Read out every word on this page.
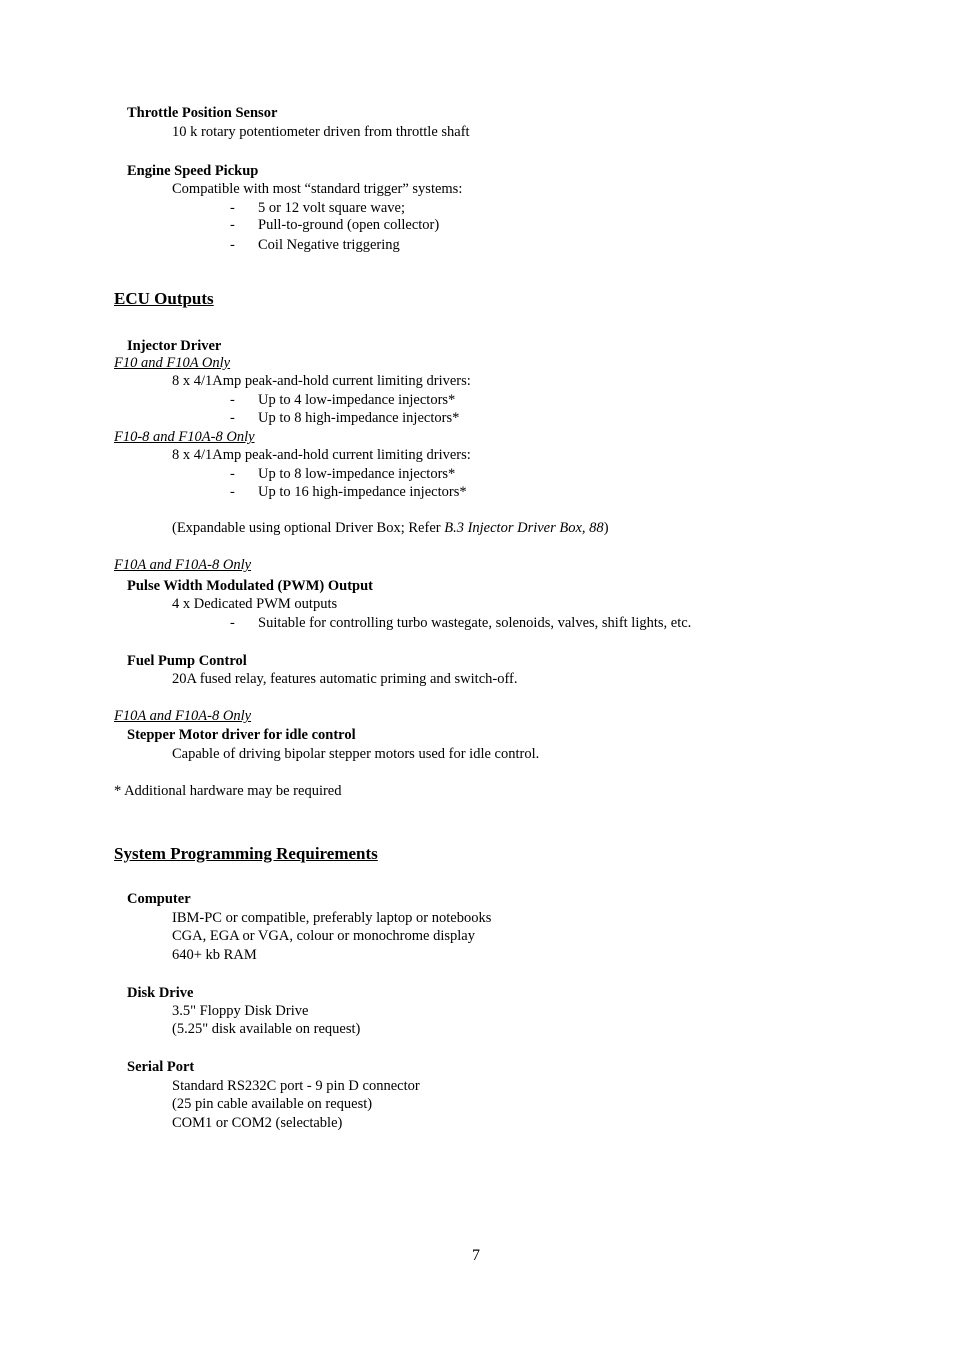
Throttle Position Sensor
10 k rotary potentiometer driven from throttle shaft
Engine Speed Pickup
Compatible with most “standard trigger” systems:
- 5 or 12 volt square wave;
- Pull-to-ground (open collector)
- Coil Negative triggering
ECU Outputs
Injector Driver
F10 and F10A Only
8 x 4/1Amp peak-and-hold current limiting drivers:
- Up to 4 low-impedance injectors*
- Up to 8 high-impedance injectors*
F10-8 and F10A-8 Only
8 x 4/1Amp peak-and-hold current limiting drivers:
- Up to 8 low-impedance injectors*
- Up to 16 high-impedance injectors*
(Expandable using optional Driver Box; Refer B.3 Injector Driver Box, 88)
F10A and F10A-8 Only
Pulse Width Modulated (PWM) Output
4 x Dedicated PWM outputs
- Suitable for controlling turbo wastegate, solenoids, valves, shift lights, etc.
Fuel Pump Control
20A fused relay, features automatic priming and switch-off.
F10A and F10A-8 Only
Stepper Motor driver for idle control
Capable of driving bipolar stepper motors used for idle control.
* Additional hardware may be required
System Programming Requirements
Computer
IBM-PC or compatible, preferably laptop or notebooks
CGA, EGA or VGA, colour or monochrome display
640+ kb RAM
Disk Drive
3.5" Floppy Disk Drive
(5.25" disk available on request)
Serial Port
Standard RS232C port - 9 pin D connector
(25 pin cable available on request)
COM1 or COM2 (selectable)
7
